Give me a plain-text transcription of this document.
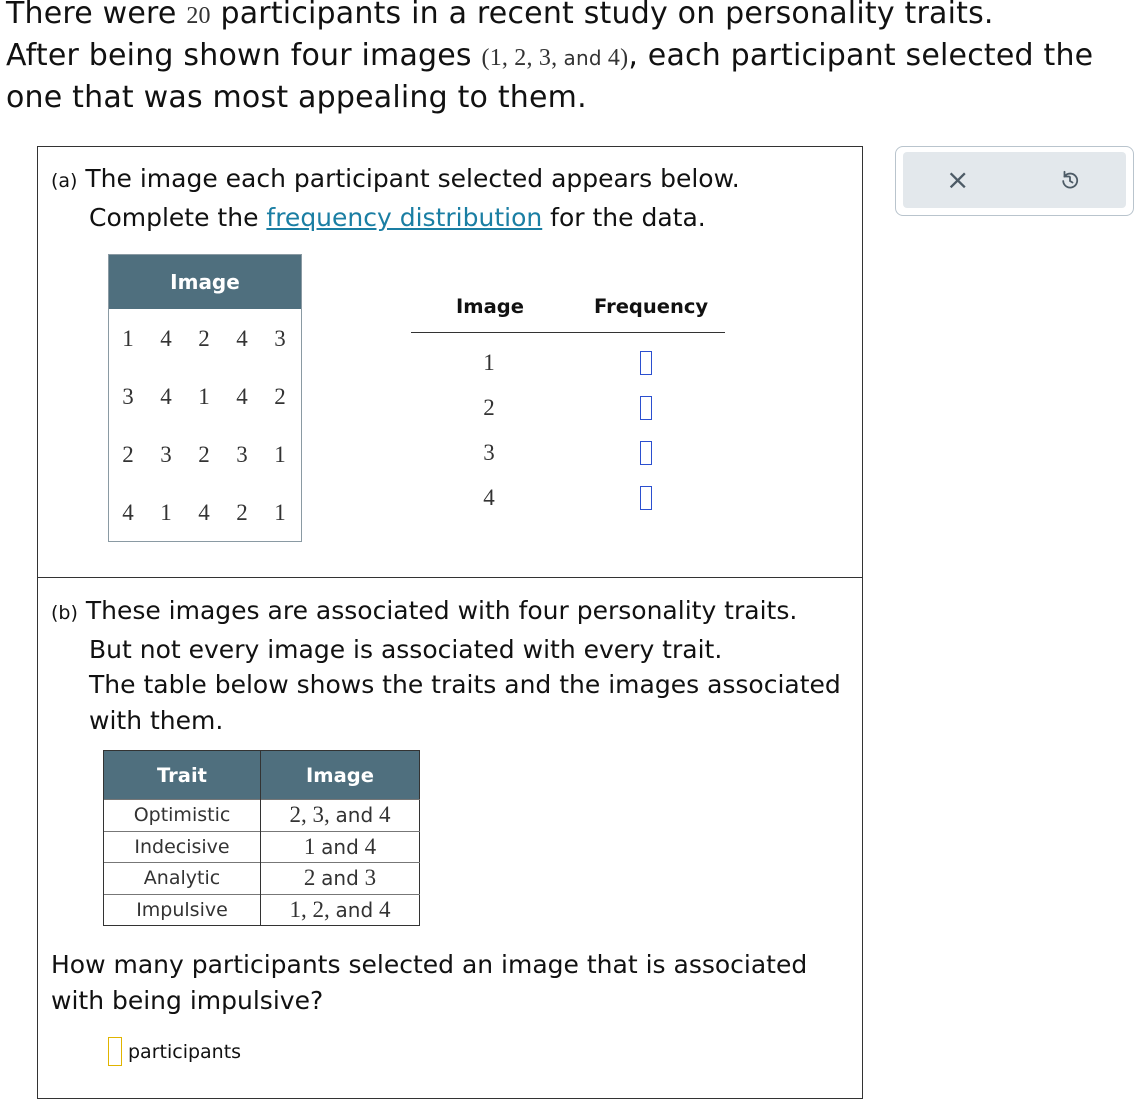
There were 20 participants in a recent study on personality traits.
After being shown four images (1, 2, 3, and 4), each participant selected the
one that was most appealing to them.
(a) The image each participant selected appears below.
Complete the frequency distribution for the data.
Image
1 4 2 4 3
3 4 1 4 2
2 3 2 3 1
4 1 4 2 1
Image	Frequency
1
2
3
4
(b) These images are associated with four personality traits.
But not every image is associated with every trait.
The table below shows the traits and the images associated
with them.
Trait	Image
Optimistic	2, 3, and 4
Indecisive	1 and 4
Analytic	2 and 3
Impulsive	1, 2, and 4
How many participants selected an image that is associated with being impulsive?
participants
×
